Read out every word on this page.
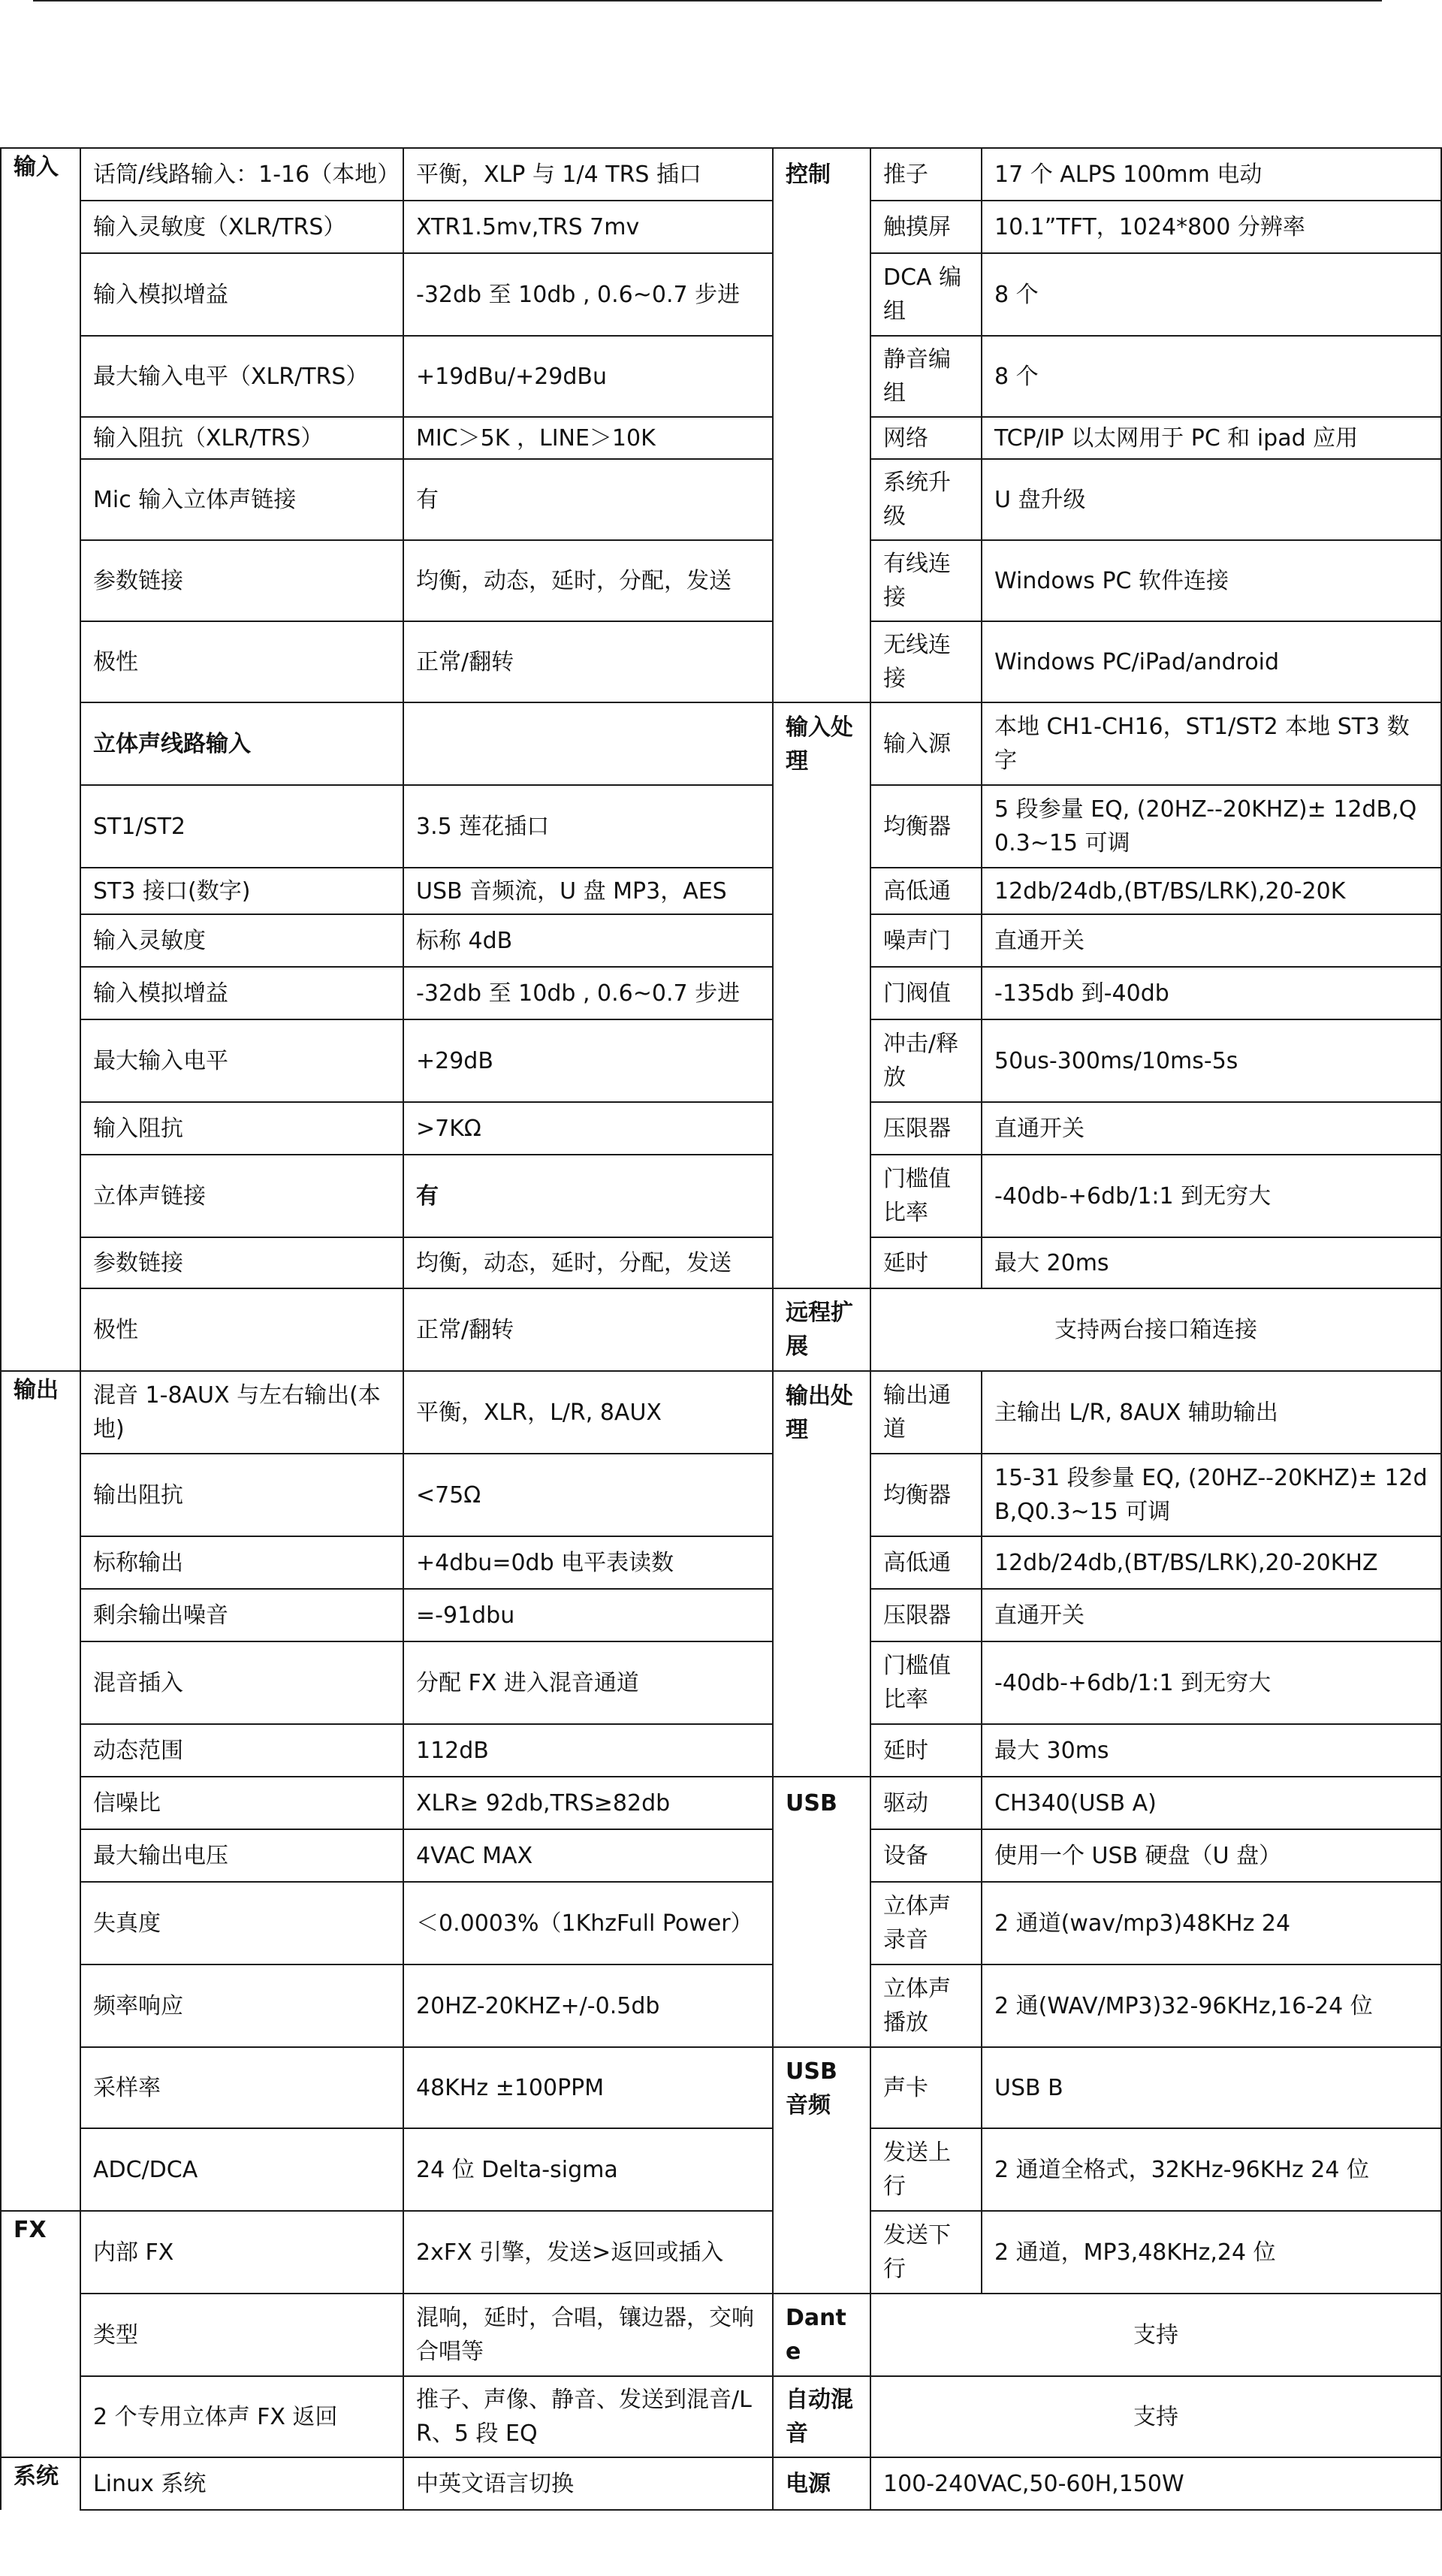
输入	话筒/线路输入：1-16（本地）	平衡，XLP 与 1/4 TRS 插口	控制	推子	17 个 ALPS 100mm 电动
	输入灵敏度（XLR/TRS）	XTR1.5mv,TRS 7mv		触摸屏	10.1”TFT，1024*800 分辨率
	输入模拟增益	-32db 至 10db , 0.6~0.7 步进		DCA 编组	8 个
	最大输入电平（XLR/TRS）	+19dBu/+29dBu		静音编组	8 个
	输入阻抗（XLR/TRS）	MIC＞5K ，LINE＞10K		网络	TCP/IP 以太网用于 PC 和 ipad 应用
	Mic 输入立体声链接	有		系统升级	U 盘升级
	参数链接	均衡，动态，延时，分配，发送		有线连接	Windows PC 软件连接
	极性	正常/翻转		无线连接	Windows PC/iPad/android
	立体声线路输入		输入处理	输入源	本地 CH1-CH16，ST1/ST2 本地 ST3 数字
	ST1/ST2	3.5 莲花插口		均衡器	5 段参量 EQ, (20HZ--20KHZ)± 12dB,Q0.3~15 可调
	ST3 接口(数字)	USB 音频流，U 盘 MP3，AES		高低通	12db/24db,(BT/BS/LRK),20-20K
	输入灵敏度	标称 4dB		噪声门	直通开关
	输入模拟增益	-32db 至 10db , 0.6~0.7 步进		门阀值	-135db 到-40db
	最大输入电平	+29dB		冲击/释放	50us-300ms/10ms-5s
	输入阻抗	>7KΩ		压限器	直通开关
	立体声链接	有		门槛值比率	-40db-+6db/1:1 到无穷大
	参数链接	均衡，动态，延时，分配，发送		延时	最大 20ms
	极性	正常/翻转	远程扩展	支持两台接口箱连接	
输出	混音 1-8AUX 与左右输出(本地)	平衡，XLR，L/R, 8AUX	输出处理	输出通道	主输出 L/R, 8AUX 辅助输出
	输出阻抗	<75Ω		均衡器	15-31 段参量 EQ, (20HZ--20KHZ)± 12dB,Q0.3~15 可调
	标称输出	+4dbu=0db 电平表读数		高低通	12db/24db,(BT/BS/LRK),20-20KHZ
	剩余输出噪音	=-91dbu		压限器	直通开关
	混音插入	分配 FX 进入混音通道		门槛值比率	-40db-+6db/1:1 到无穷大
	动态范围	112dB		延时	最大 30ms
	信噪比	XLR≥ 92db,TRS≥82db	USB	驱动	CH340(USB A)
	最大输出电压	4VAC MAX		设备	使用一个 USB 硬盘（U 盘）
	失真度	＜0.0003%（1KhzFull Power）		立体声录音	2 通道(wav/mp3)48KHz 24
	频率响应	20HZ-20KHZ+/-0.5db		立体声播放	2 通(WAV/MP3)32-96KHz,16-24 位
	采样率	48KHz ±100PPM	USB 音频	声卡	USB B
	ADC/DCA	24 位 Delta-sigma		发送上行	2 通道全格式，32KHz-96KHz 24 位
FX	内部 FX	2xFX 引擎，发送>返回或插入		发送下行	2 通道，MP3,48KHz,24 位
	类型	混响，延时，合唱，镶边器，交响合唱等	Dante	支持	
	2 个专用立体声 FX 返回	推子、声像、静音、发送到混音/LR、5 段 EQ	自动混音	支持	
系统	Linux 系统	中英文语言切换	电源	100-240VAC,50-60H,150W	
